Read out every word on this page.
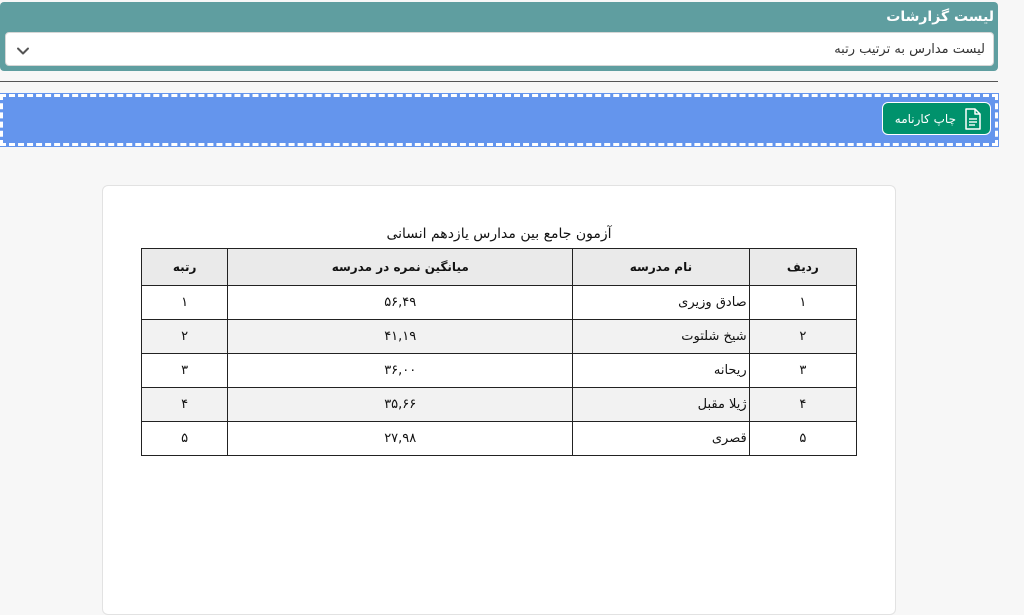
لیست گزارشات
لیست مدارس به ترتیب رتبه
چاپ کارنامه
آزمون جامع بین مدارس یازدهم انسانی
ردیف	نام مدرسه	میانگین نمره در مدرسه	رتبه
۱	صادق وزیری	۵۶,۴۹	۱
۲	شیخ شلتوت	۴۱,۱۹	۲
۳	ریحانه	۳۶,۰۰	۳
۴	ژیلا مقبل	۳۵,۶۶	۴
۵	قصری	۲۷,۹۸	۵
